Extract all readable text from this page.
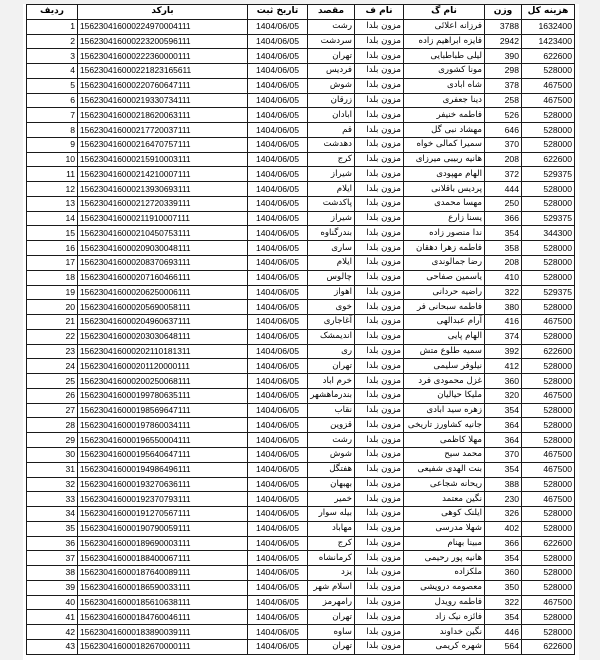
هزینه کل	وزن	نام گ	نام ف	مقصد	تاریخ ثبت	بارکد	ردیف
1632400	3788	فرزانه اعلائی	مزون بلدا	رشت	1404/06/05	156230416000224970004111	1
1423400	2942	فایزه ابراهیم زاده	مزون بلدا	سردشت	1404/06/05	156230416000223200596111	2
622600	390	لیلی طباطبایی	مزون بلدا	تهران	1404/06/05	156230416000222360000111	3
528000	298	مونا کشوری	مزون بلدا	فردیس	1404/06/05	156230416000221823165611	4
467500	378	شاه ابادی	مزون بلدا	شوش	1404/06/05	156230416000220760647111	5
467500	258	دینا جعفری	مزون بلدا	زرقان	1404/06/05	156230416000219330734111	6
528000	526	فاطمه خنیفر	مزون بلدا	ابادان	1404/06/05	156230416000218620063111	7
528000	646	مهشاد نبی گل	مزون بلدا	قم	1404/06/05	156230416000217720037111	8
528000	370	سمیرا کمالی خواه	مزون بلدا	دهدشت	1404/06/05	156230416000216470757111	9
622600	208	هانیه ربیبی میرزای	مزون بلدا	کرج	1404/06/05	156230416000215910003111	10
529375	372	الهام مهپودی	مزون بلدا	شیراز	1404/06/05	156230416000214210007111	11
528000	444	پردیس باقلانی	مزون بلدا	ایلام	1404/06/05	156230416000213930693111	12
528000	250	مهسا محمدی	مزون بلدا	پاکدشت	1404/06/05	156230416000212720339111	13
529375	366	یسنا زارع	مزون بلدا	شیراز	1404/06/05	156230416000211910007111	14
344300	354	ندا منصور زاده	مزون بلدا	بندرگناوه	1404/06/05	156230416000210450753111	15
528000	358	فاطمه زهرا دهقان	مزون بلدا	ساری	1404/06/05	156230416000209030048111	16
528000	208	رضا جمالوندی	مزون بلدا	ایلام	1404/06/05	156230416000208370693111	17
528000	410	یاسمین صفاحی	مزون بلدا	چالوس	1404/06/05	156230416000207160466111	18
529375	322	راضیه حردانی	مزون بلدا	اهواز	1404/06/05	156230416000206250006111	19
528000	380	فاطمه سبحانی فر	مزون بلدا	خوی	1404/06/05	156230416000205690058111	20
467500	416	آرام عبدالهی	مزون بلدا	آغاجاری	1404/06/05	156230416000204960637111	21
528000	374	الهام پایی	مزون بلدا	اندیمشک	1404/06/05	156230416000203030648111	22
622600	392	سمیه طلوع متش	مزون بلدا	ری	1404/06/05	156230416000202110181311	23
528000	412	نیلوفر سلیمی	مزون بلدا	تهران	1404/06/05	156230416000201120000111	24
528000	360	غزل محمودی فرد	مزون بلدا	خرم اباد	1404/06/05	156230416000200250068111	25
467500	320	ملیکا حیالیان	مزون بلدا	بندرماهشهر	1404/06/05	156230416000199780635111	26
528000	354	زهره سید ابادی	مزون بلدا	نقاب	1404/06/05	156230416000198569647111	27
528000	364	جانیه کشاورز تاریخی	مزون بلدا	قزوین	1404/06/05	156230416000197860034111	28
528000	364	مهلا کاظمی	مزون بلدا	رشت	1404/06/05	156230416000196550004111	29
467500	370	محمد سیح	مزون بلدا	شوش	1404/06/05	156230416000195640647111	30
467500	354	بنت الهدی شفیعی	مزون بلدا	هفتگل	1404/06/05	156230416000194986496111	31
528000	388	ریحانه شجاعی	مزون بلدا	بهبهان	1404/06/05	156230416000193270636111	32
467500	230	نگین معتمد	مزون بلدا	خمیر	1404/06/05	156230416000192370793111	33
528000	326	ایلنک کوهی	مزون بلدا	بیله سوار	1404/06/05	156230416000191270567111	34
528000	402	شهلا مدرسی	مزون بلدا	مهاباد	1404/06/05	156230416000190790059111	35
622600	366	مبینا بهنام	مزون بلدا	کرج	1404/06/05	156230416000189690003111	36
528000	354	هانیه پور رحیمی	مزون بلدا	کرمانشاه	1404/06/05	156230416000188400067111	37
528000	360	ملکزاده	مزون بلدا	یزد	1404/06/05	156230416000187640089111	38
528000	350	معصومه درویشی	مزون بلدا	اسلام شهر	1404/06/05	156230416000186590033111	39
467500	322	فاطمه رویدل	مزون بلدا	رامهرمز	1404/06/05	156230416000185610638111	40
528000	354	فائزه نیک زاد	مزون بلدا	تهران	1404/06/05	156230416000184760046111	41
528000	446	نگین خداوند	مزون بلدا	ساوه	1404/06/05	156230416000183890039111	42
622600	564	شهره کریمی	مزون بلدا	تهران	1404/06/05	156230416000182670000111	43
